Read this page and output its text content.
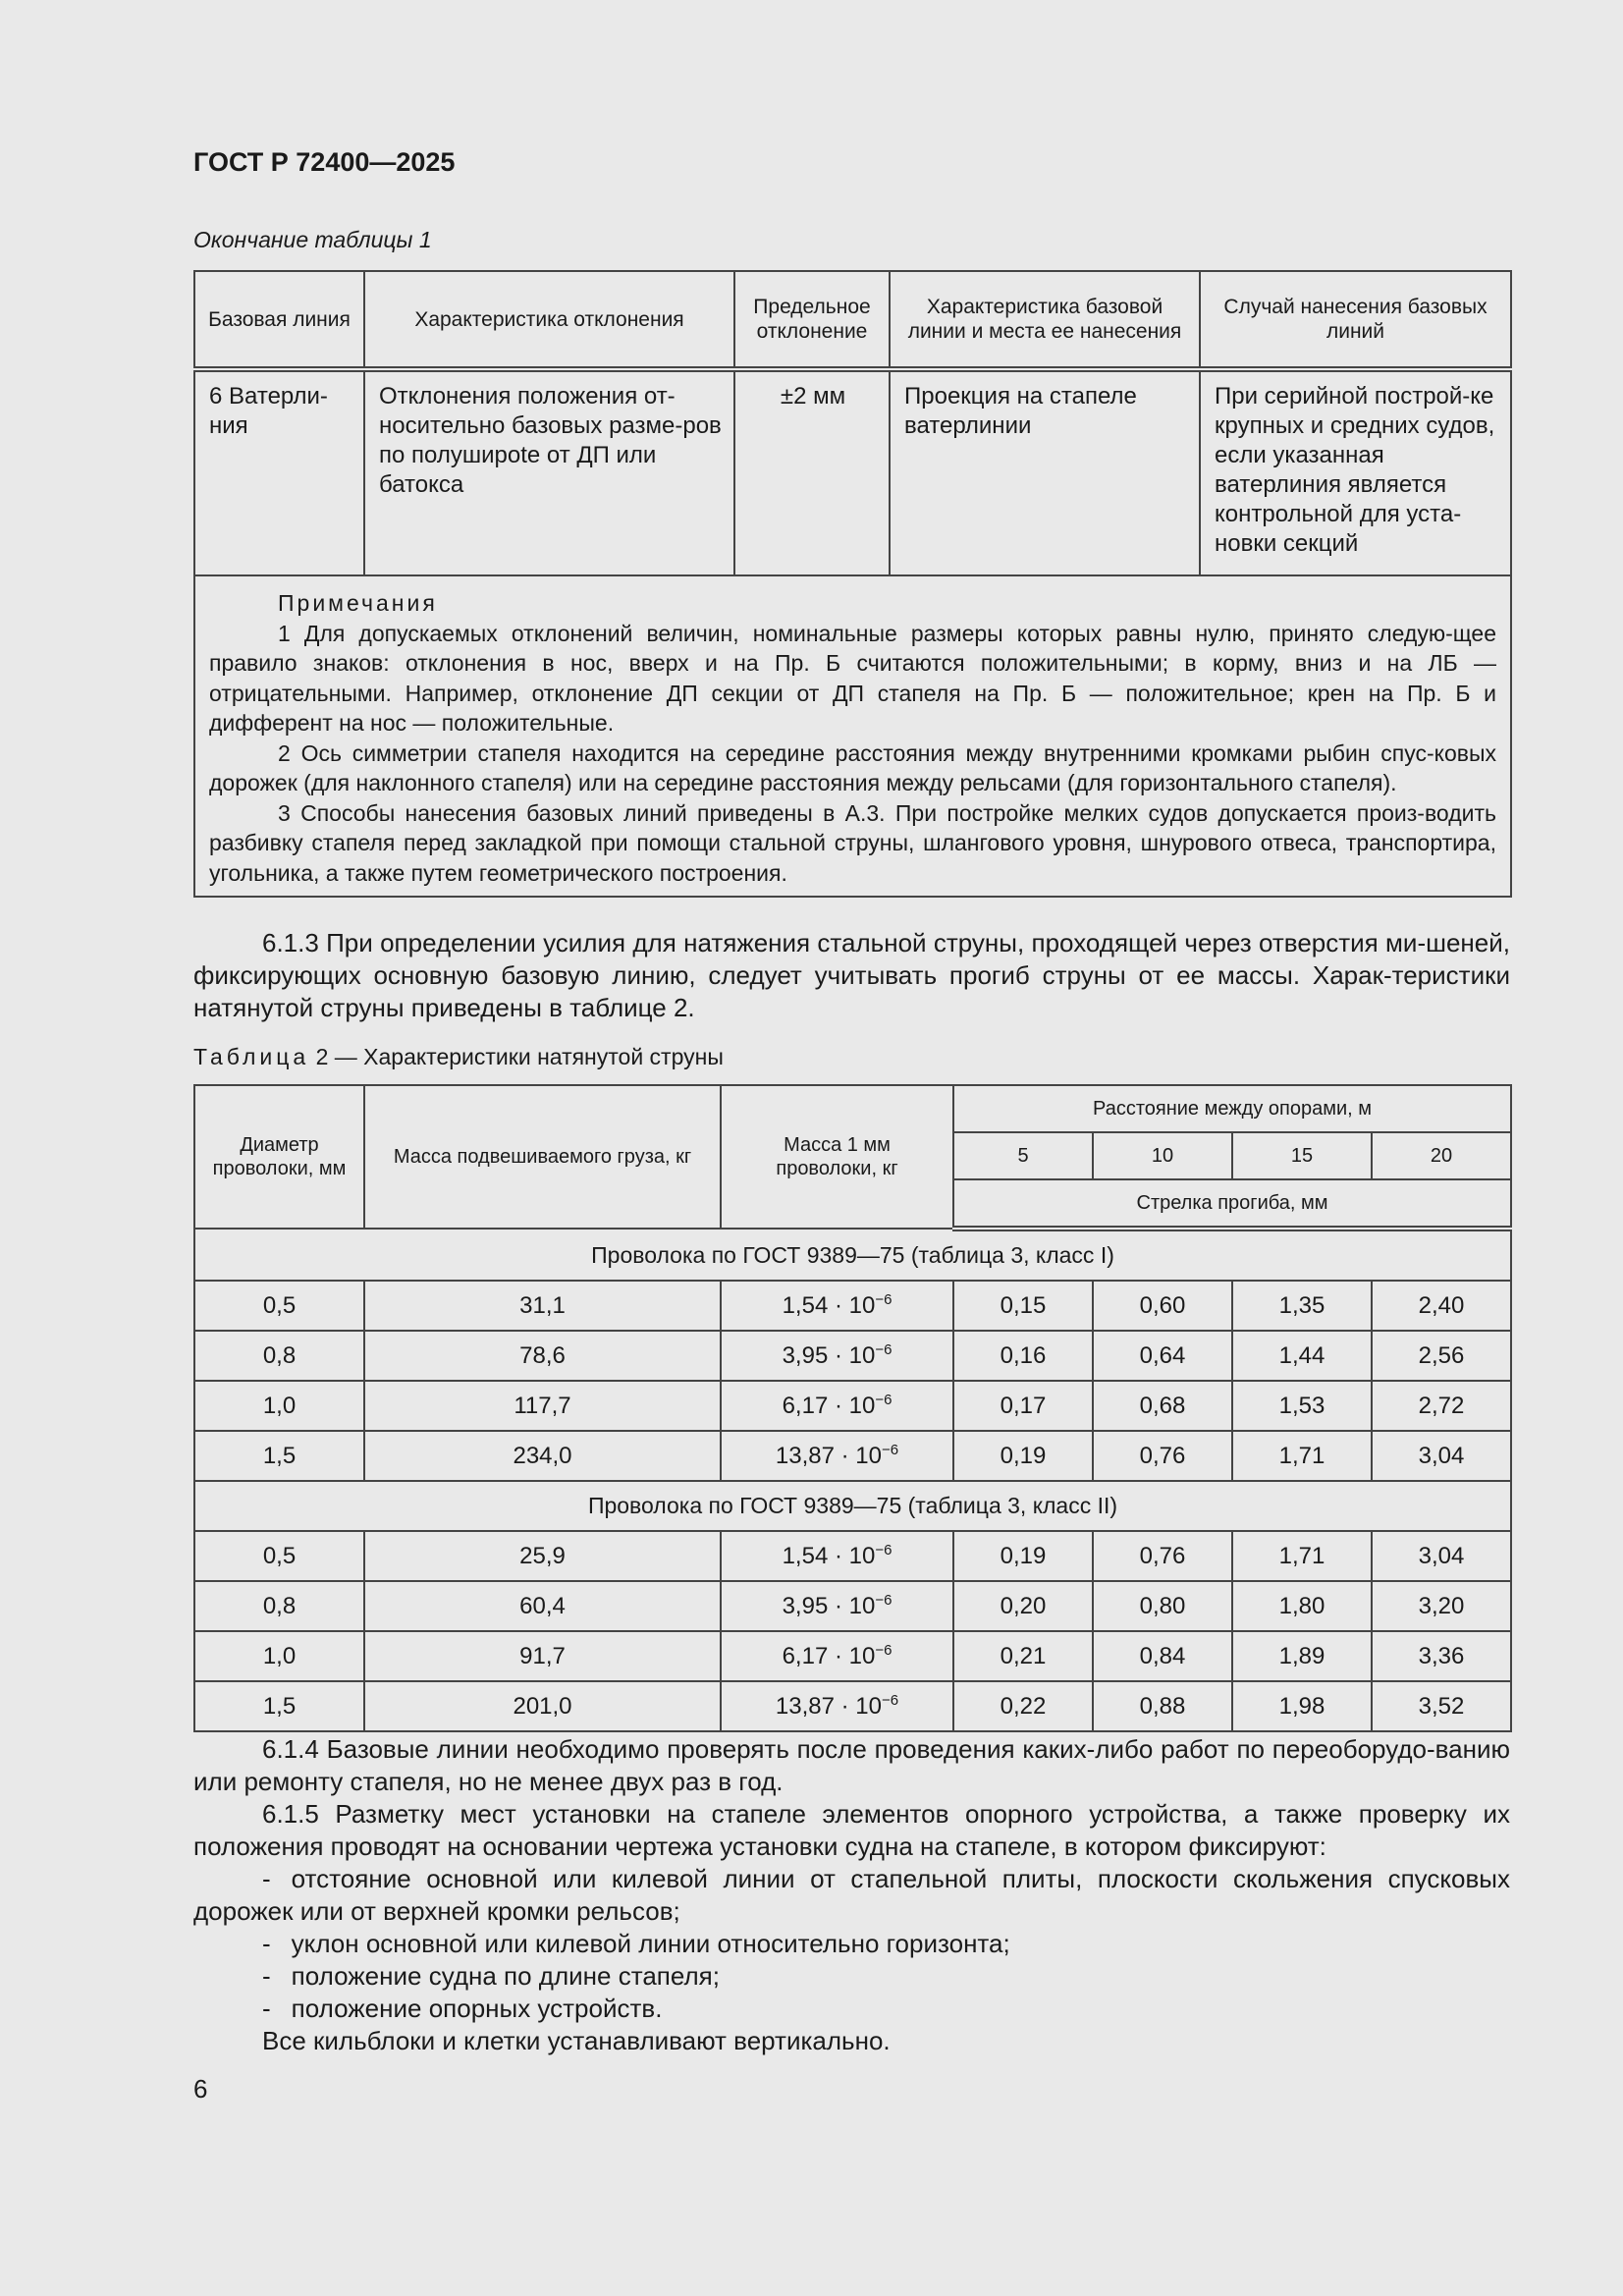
ГОСТ Р 72400—2025
Окончание таблицы 1
Базовая линия	Характеристика отклонения	Предельное отклонение	Характеристика базовой линии и места ее нанесения	Случай нанесения базовых линий
6 Ватерли-ния	Отклонения положения от-носительно базовых разме-ров по полуширote от ДП или батокса	±2 мм	Проекция на стапеле ватерлинии	При серийной построй-ке крупных и средних судов, если указанная ватерлиния является контрольной для уста-новки секций

Примечания
1 Для допускаемых отклонений величин, номинальные размеры которых равны нулю, принято следую-щее правило знаков: отклонения в нос, вверх и на Пр. Б считаются положительными; в корму, вниз и на ЛБ — отрицательными. Например, отклонение ДП секции от ДП стапеля на Пр. Б — положительное; крен на Пр. Б и дифферент на нос — положительные.
2 Ось симметрии стапеля находится на середине расстояния между внутренними кромками рыбин спус-ковых дорожек (для наклонного стапеля) или на середине расстояния между рельсами (для горизонтального стапеля).
3 Способы нанесения базовых линий приведены в А.3. При постройке мелких судов допускается произ-водить разбивку стапеля перед закладкой при помощи стальной струны, шлангового уровня, шнурового отвеса, транспортира, угольника, а также путем геометрического построения.				

6.1.3 При определении усилия для натяжения стальной струны, проходящей через отверстия ми-шеней, фиксирующих основную базовую линию, следует учитывать прогиб струны от ее массы. Харак-теристики натянутой струны приведены в таблице 2.

Таблица 2 — Характеристики натянутой струны
Диаметр проволоки, мм	Масса подвешиваемого груза, кг	Масса 1 мм проволоки, кг	Расстояние между опорами, м			
			5	10	15	20
			Стрелка прогиба, мм			
Проволока по ГОСТ 9389—75 (таблица 3, класс I)						
0,5	31,1	$1,54 \cdot 10^{-6}$	0,15	0,60	1,35	2,40
0,8	78,6	$3,95 \cdot 10^{-6}$	0,16	0,64	1,44	2,56
1,0	117,7	$6,17 \cdot 10^{-6}$	0,17	0,68	1,53	2,72
1,5	234,0	$13,87 \cdot 10^{-6}$	0,19	0,76	1,71	3,04
Проволока по ГОСТ 9389—75 (таблица 3, класс II)						
0,5	25,9	$1,54 \cdot 10^{-6}$	0,19	0,76	1,71	3,04
0,8	60,4	$3,95 \cdot 10^{-6}$	0,20	0,80	1,80	3,20
1,0	91,7	$6,17 \cdot 10^{-6}$	0,21	0,84	1,89	3,36
1,5	201,0	$13,87 \cdot 10^{-6}$	0,22	0,88	1,98	3,52

6.1.4 Базовые линии необходимо проверять после проведения каких-либо работ по переоборудо-ванию или ремонту стапеля, но не менее двух раз в год.

6.1.5 Разметку мест установки на стапеле элементов опорного устройства, а также проверку их положения проводят на основании чертежа установки судна на стапеле, в котором фиксируют:

- отстояние основной или килевой линии от стапельной плиты, плоскости скольжения спусковых дорожек или от верхней кромки рельсов;

- уклон основной или килевой линии относительно горизонта;

- положение судна по длине стапеля;

- положение опорных устройств.

Все кильблоки и клетки устанавливают вертикально.

6
